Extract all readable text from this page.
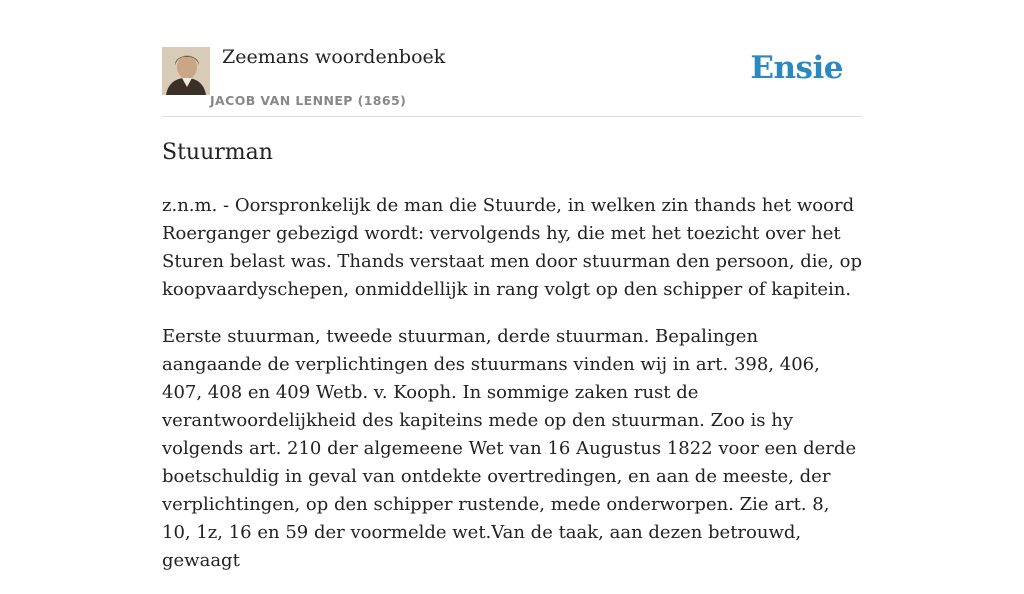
Zeemans woordenboek
JACOB VAN LENNEP (1865)
Ensie
Stuurman

z.n.m. - Oorspronkelijk de man die Stuurde, in welken zin thands het woord Roerganger gebezigd wordt: vervolgends hy, die met het toezicht over het Sturen belast was. Thands verstaat men door stuurman den persoon, die, op koopvaardyschepen, onmiddellijk in rang volgt op den schipper of kapitein.

Eerste stuurman, tweede stuurman, derde stuurman. Bepalingen aangaande de verplichtingen des stuurmans vinden wij in art. 398, 406, 407, 408 en 409 Wetb. v. Kooph. In sommige zaken rust de verantwoordelijkheid des kapiteins mede op den stuurman. Zoo is hy volgends art. 210 der algemeene Wet van 16 Augustus 1822 voor een derde boetschuldig in geval van ontdekte overtredingen, en aan de meeste, der verplichtingen, op den schipper rustende, mede onderworpen. Zie art. 8, 10, 1z, 16 en 59 der voormelde wet.Van de taak, aan dezen betrouwd, gewaagt
